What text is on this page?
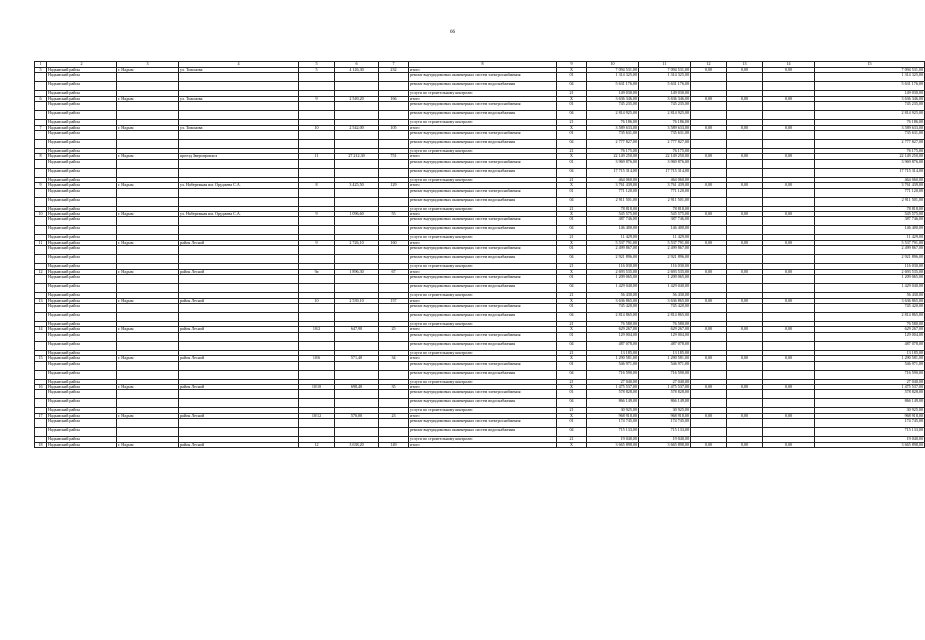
66
1	2	3	4	5	6	7	8	9	10	11	12	13	14	15
5	Надымский район	г. Надым	ул. Тихонова	5	4 126,30	232	итого	Х	7 094 531,00	7 094 531,00	0,00	0,00	0,00	7 094 531,00
	Надымский район						ремонт внутридомовых инженерных систем электроснабжения	01	1 314 325,00	1 314 325,00				1 314 325,00
	Надымский район						ремонт внутридомовых инженерных систем водоснабжения	04	5 631 176,00	5 631 176,00				5 631 176,00
	Надымский район						услуги по строительному контролю	21	149 030,00	149 030,00				149 030,00
6	Надымский район	г. Надым	ул. Тихонова	9	2 549,20	166	итого	Х	3 636 346,00	3 636 346,00	0,00	0,00	0,00	3 636 346,00
	Надымский район						ремонт внутридомовых инженерных систем электроснабжения	01	745 235,00	745 235,00				745 235,00
	Надымский район						ремонт внутридомовых инженерных систем водоснабжения	04	2 814 925,00	2 814 925,00				2 814 925,00
	Надымский район						услуги по строительному контролю	21	76 186,00	76 186,00				76 186,00
7	Надымский район	г. Надым	ул. Тихонова	10	2 542,00	105	итого	Х	3 589 633,00	3 589 633,00	0,00	0,00	0,00	3 589 633,00
	Надымский район						ремонт внутридомовых инженерных систем электроснабжения	01	735 631,00	735 631,00				735 631,00
	Надымский район						ремонт внутридомовых инженерных систем водоснабжения	04	2 777 827,00	2 777 827,00				2 777 827,00
	Надымский район						услуги по строительному контролю	21	76 175,00	76 175,00				76 175,00
8	Надымский район	г. Надым	проезд Зверопромхоз	11	27 212,30	751	итого	Х	22 149 250,00	22 149 250,00	0,00	0,00	0,00	22 149 250,00
	Надымский район						ремонт внутридомовых инженерных систем электроснабжения	01	3 969 876,00	3 969 876,00				3 969 876,00
	Надымский район						ремонт внутридомовых инженерных систем водоснабжения	04	17 715 314,00	17 715 314,00				17 715 314,00
	Надымский район						услуги по строительному контролю	21	464 060,00	464 060,00				464 060,00
9	Надымский район	г. Надым	ул. Набережная им. Оруджева С.А.	8	3 425,50	129	итого	Х	3 761 439,00	3 761 439,00	0,00	0,00	0,00	3 761 439,00
	Надымский район						ремонт внутридомовых инженерных систем электроснабжения	01	771 120,00	771 120,00				771 120,00
	Надымский район						ремонт внутридомовых инженерных систем водоснабжения	04	2 911 501,00	2 911 501,00				2 911 501,00
	Надымский район						услуги по строительному контролю	21	78 818,00	78 818,00				78 818,00
10	Надымский район	г. Надым	ул. Набережная им. Оруджева С.А.	9	1 096,60	55	итого	Х	545 575,00	545 575,00	0,00	0,00	0,00	545 575,00
	Надымский район						ремонт внутридомовых инженерных систем электроснабжения	01	387 746,00	387 746,00				387 746,00
	Надымский район						ремонт внутридомовых инженерных систем водоснабжения	04	146 400,00	146 400,00				146 400,00
	Надымский район						услуги по строительному контролю	21	11 429,00	11 429,00				11 429,00
11	Надымский район	г. Надым	район Лесной	9	2 726,10	160	итого	Х	5 537 791,00	5 537 791,00	0,00	0,00	0,00	5 537 791,00
	Надымский район						ремонт внутридомовых инженерных систем электроснабжения	01	2 499 867,00	2 499 867,00				2 499 867,00
	Надымский район						ремонт внутридомовых инженерных систем водоснабжения	04	2 921 896,00	2 921 896,00				2 921 896,00
	Надымский район						услуги по строительному контролю	21	116 030,00	116 030,00				116 030,00
12	Надымский район	г. Надым	район Лесной	9а	1 896,30	67	итого	Х	2 693 535,00	2 693 535,00	0,00	0,00	0,00	2 693 535,00
	Надымский район						ремонт внутридомовых инженерных систем электроснабжения	01	1 209 065,00	1 209 065,00				1 209 065,00
	Надымский район						ремонт внутридомовых инженерных систем водоснабжения	04	1 429 040,00	1 429 040,00				1 429 040,00
	Надымский район						услуги по строительному контролю	21	56 430,00	56 430,00				56 430,00
13	Надымский район	г. Надым	район Лесной	10	2 539,10	157	итого	Х	3 636 865,00	3 636 865,00	0,00	0,00	0,00	3 636 865,00
	Надымский район						ремонт внутридомовых инженерных систем электроснабжения	01	745 420,00	745 420,00				745 420,00
	Надымский район						ремонт внутридомовых инженерных систем водоснабжения	04	2 814 865,00	2 814 865,00				2 814 865,00
	Надымский район						услуги по строительному контролю	21	76 580,00	76 580,00				76 580,00
14	Надымский район	г. Надым	район Лесной	10/2	647,90	25	итого	Х	629 267,00	629 267,00	0,00	0,00	0,00	629 267,00
	Надымский район						ремонт внутридомовых инженерных систем электроснабжения	01	129 004,00	129 004,00				129 004,00
	Надымский район						ремонт внутридомовых инженерных систем водоснабжения	04	487 078,00	487 078,00				487 078,00
	Надымский район						услуги по строительному контролю	21	13 185,00	13 185,00				13 185,00
15	Надымский район	г. Надым	район Лесной	10/6	571,40	34	итого	Х	1 290 581,00	1 290 581,00	0,00	0,00	0,00	1 290 581,00
	Надымский район						ремонт внутридомовых инженерных систем электроснабжения	01	546 971,00	546 971,00				546 971,00
	Надымский район						ремонт внутридомовых инженерных систем водоснабжения	04	716 590,00	716 590,00				716 590,00
	Надымский район						услуги по строительному контролю	21	27 040,00	27 040,00				27 040,00
16	Надымский район	г. Надым	район Лесной	10/10	698,40	35	итого	Х	1 475 537,00	1 475 537,00	0,00	0,00	0,00	1 475 537,00
	Надымский район						ремонт внутридомовых инженерных систем электроснабжения	01	578 828,00	578 828,00				578 828,00
	Надымский район						ремонт внутридомовых инженерных систем водоснабжения	04	866 149,00	866 149,00				866 149,00
	Надымский район						услуги по строительному контролю	21	30 925,00	30 925,00				30 925,00
17	Надымский район	г. Надым	район Лесной	10/12	570,00	23	итого	Х	968 918,00	968 918,00	0,00	0,00	0,00	968 918,00
	Надымский район						ремонт внутридомовых инженерных систем электроснабжения	01	174 745,00	174 745,00				174 745,00
	Надымский район						ремонт внутридомовых инженерных систем водоснабжения	04	715 133,00	715 133,00				715 133,00
	Надымский район						услуги по строительному контролю	21	19 040,00	19 040,00				19 040,00
18	Надымский район	г. Надым	район Лесной	12	3 638,20	149	итого	Х	3 665 898,00	3 665 898,00	0,00	0,00	0,00	3 665 898,00
